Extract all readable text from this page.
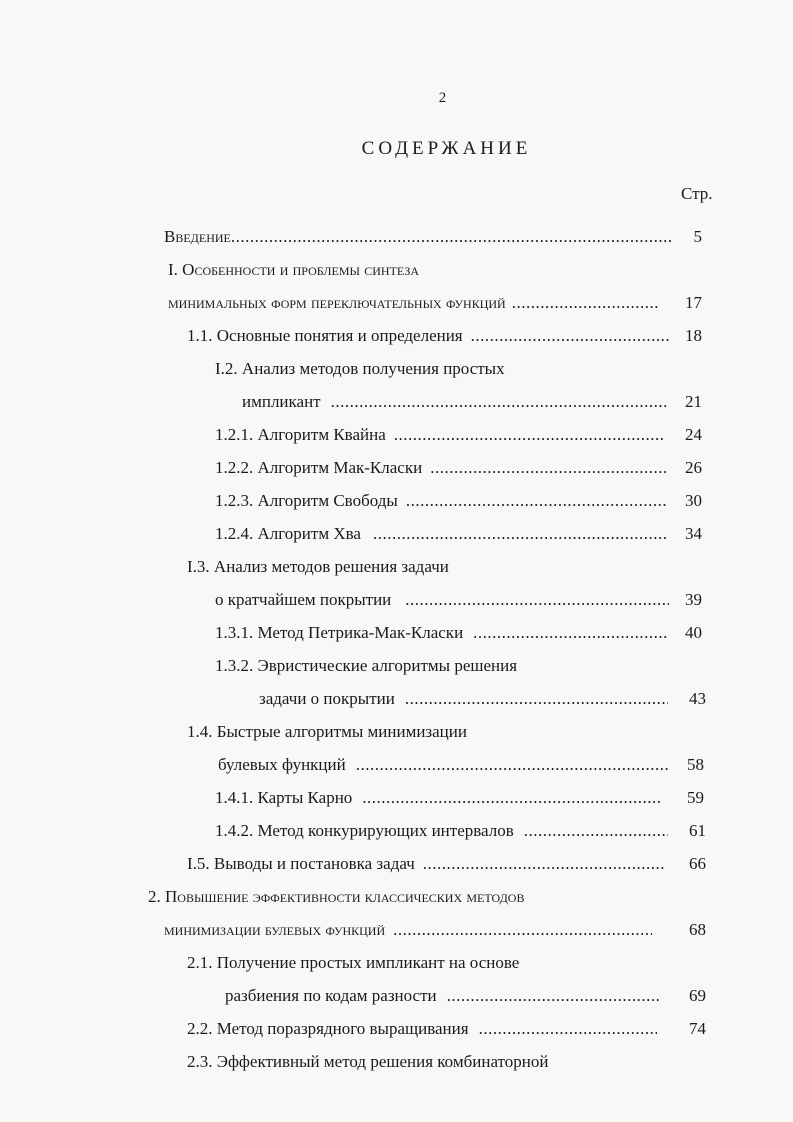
2
СОДЕРЖАНИЕ
Стр.
Введение .....	5
I. Особенности и проблемы синтеза
минимальных форм переключательных функций .....	17
1.1. Основные понятия и определения .....	18
I.2. Анализ методов получения простых
импликант .....	21
1.2.1. Алгоритм Квайна .....	24
1.2.2. Алгоритм Мак-Класки .....	26
1.2.3. Алгоритм Свободы .....	30
1.2.4. Алгоритм Хва .....	34
I.3. Анализ методов решения задачи
о кратчайшем покрытии .....	39
1.3.1. Метод Петрика-Мак-Класки .....	40
1.3.2. Эвристические алгоритмы решения
задачи о покрытии .....	43
1.4. Быстрые алгоритмы минимизации
булевых функций .....	58
1.4.1. Карты Карно .....	59
1.4.2. Метод конкурирующих интервалов .....	61
I.5. Выводы и постановка задач .....	66
2. Повышение эффективности классических методов
минимизации булевых функций .....	68
2.1. Получение простых импликант на основе
разбиения по кодам разности .....	69
2.2. Метод поразрядного выращивания .....	74
2.3. Эффективный метод решения комбинаторной
